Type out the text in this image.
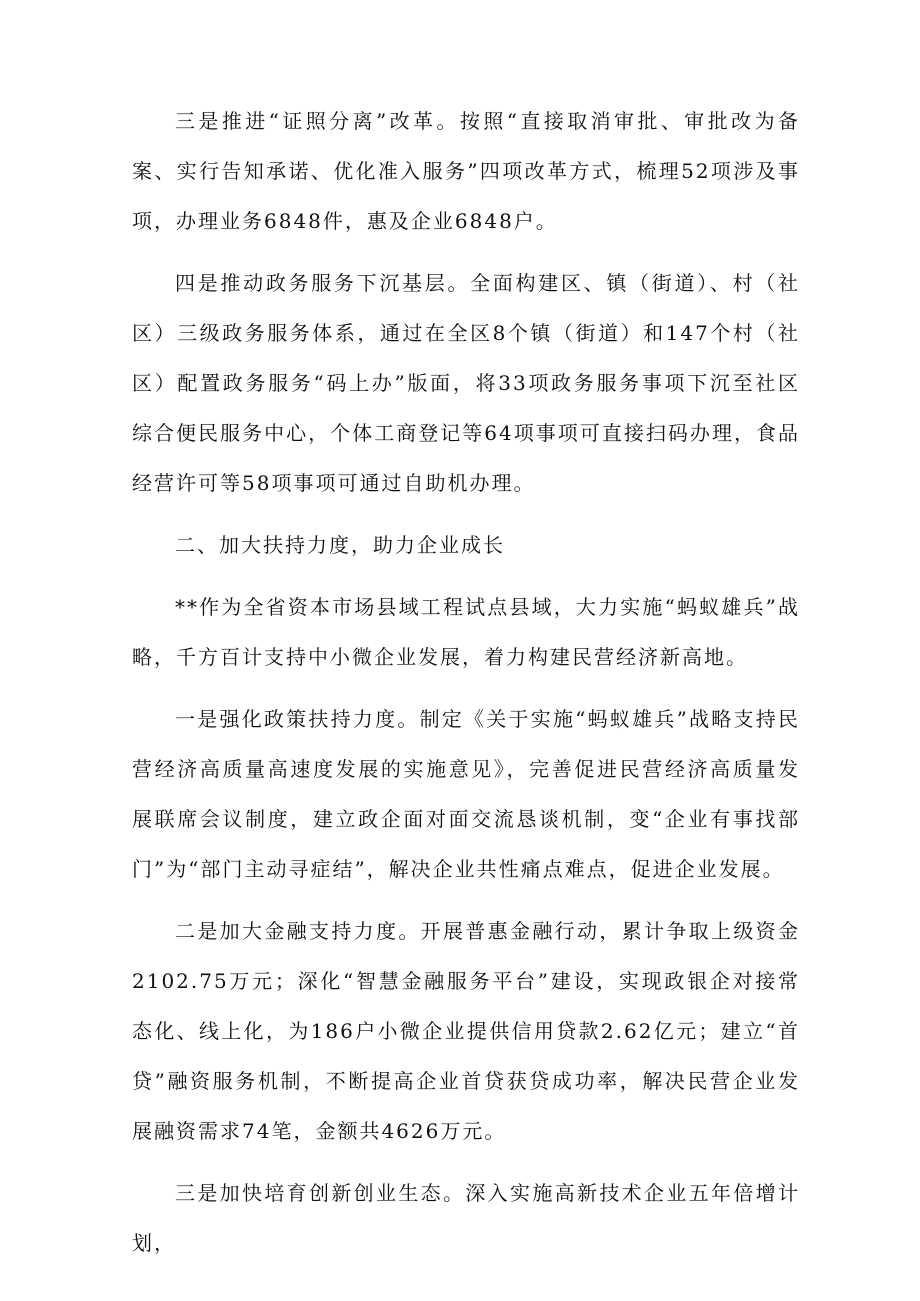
三是推进“证照分离”改革。按照“直接取消审批、审批改为备案、实行告知承诺、优化准入服务”四项改革方式，梳理52项涉及事项，办理业务6848件，惠及企业6848户。

四是推动政务服务下沉基层。全面构建区、镇（街道）、村（社区）三级政务服务体系，通过在全区8个镇（街道）和147个村（社区）配置政务服务“码上办”版面，将33项政务服务事项下沉至社区综合便民服务中心，个体工商登记等64项事项可直接扫码办理，食品经营许可等58项事项可通过自助机办理。

二、加大扶持力度，助力企业成长

**作为全省资本市场县域工程试点县域，大力实施“蚂蚁雄兵”战略，千方百计支持中小微企业发展，着力构建民营经济新高地。

一是强化政策扶持力度。制定《关于实施“蚂蚁雄兵”战略支持民营经济高质量高速度发展的实施意见》，完善促进民营经济高质量发展联席会议制度，建立政企面对面交流恳谈机制，变“企业有事找部门”为“部门主动寻症结”，解决企业共性痛点难点，促进企业发展。

二是加大金融支持力度。开展普惠金融行动，累计争取上级资金2102.75万元；深化“智慧金融服务平台”建设，实现政银企对接常态化、线上化，为186户小微企业提供信用贷款2.62亿元；建立“首贷”融资服务机制，不断提高企业首贷获贷成功率，解决民营企业发展融资需求74笔，金额共4626万元。

三是加快培育创新创业生态。深入实施高新技术企业五年倍增计划，
